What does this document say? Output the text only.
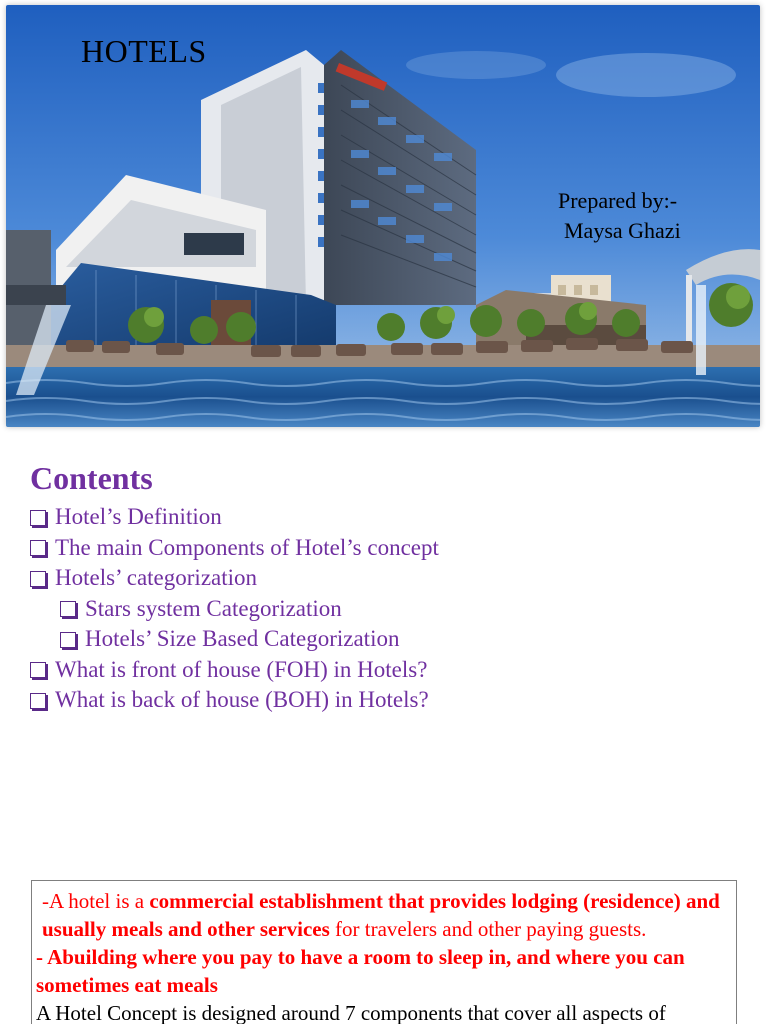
HOTELS
Prepared by:-
Maysa Ghazi
Contents
Hotel’s Definition
The main Components of Hotel’s concept
Hotels’ categorization
Stars system Categorization
Hotels’ Size Based Categorization
What is front of house (FOH) in Hotels?
What is back of house (BOH) in Hotels?

-A hotel is a commercial establishment that provides lodging (residence) and usually meals and other services for travelers and other paying guests.

- Abuilding where you pay to have a room to sleep in, and where you can sometimes eat meals

A Hotel Concept is designed around 7 components that cover all aspects of
